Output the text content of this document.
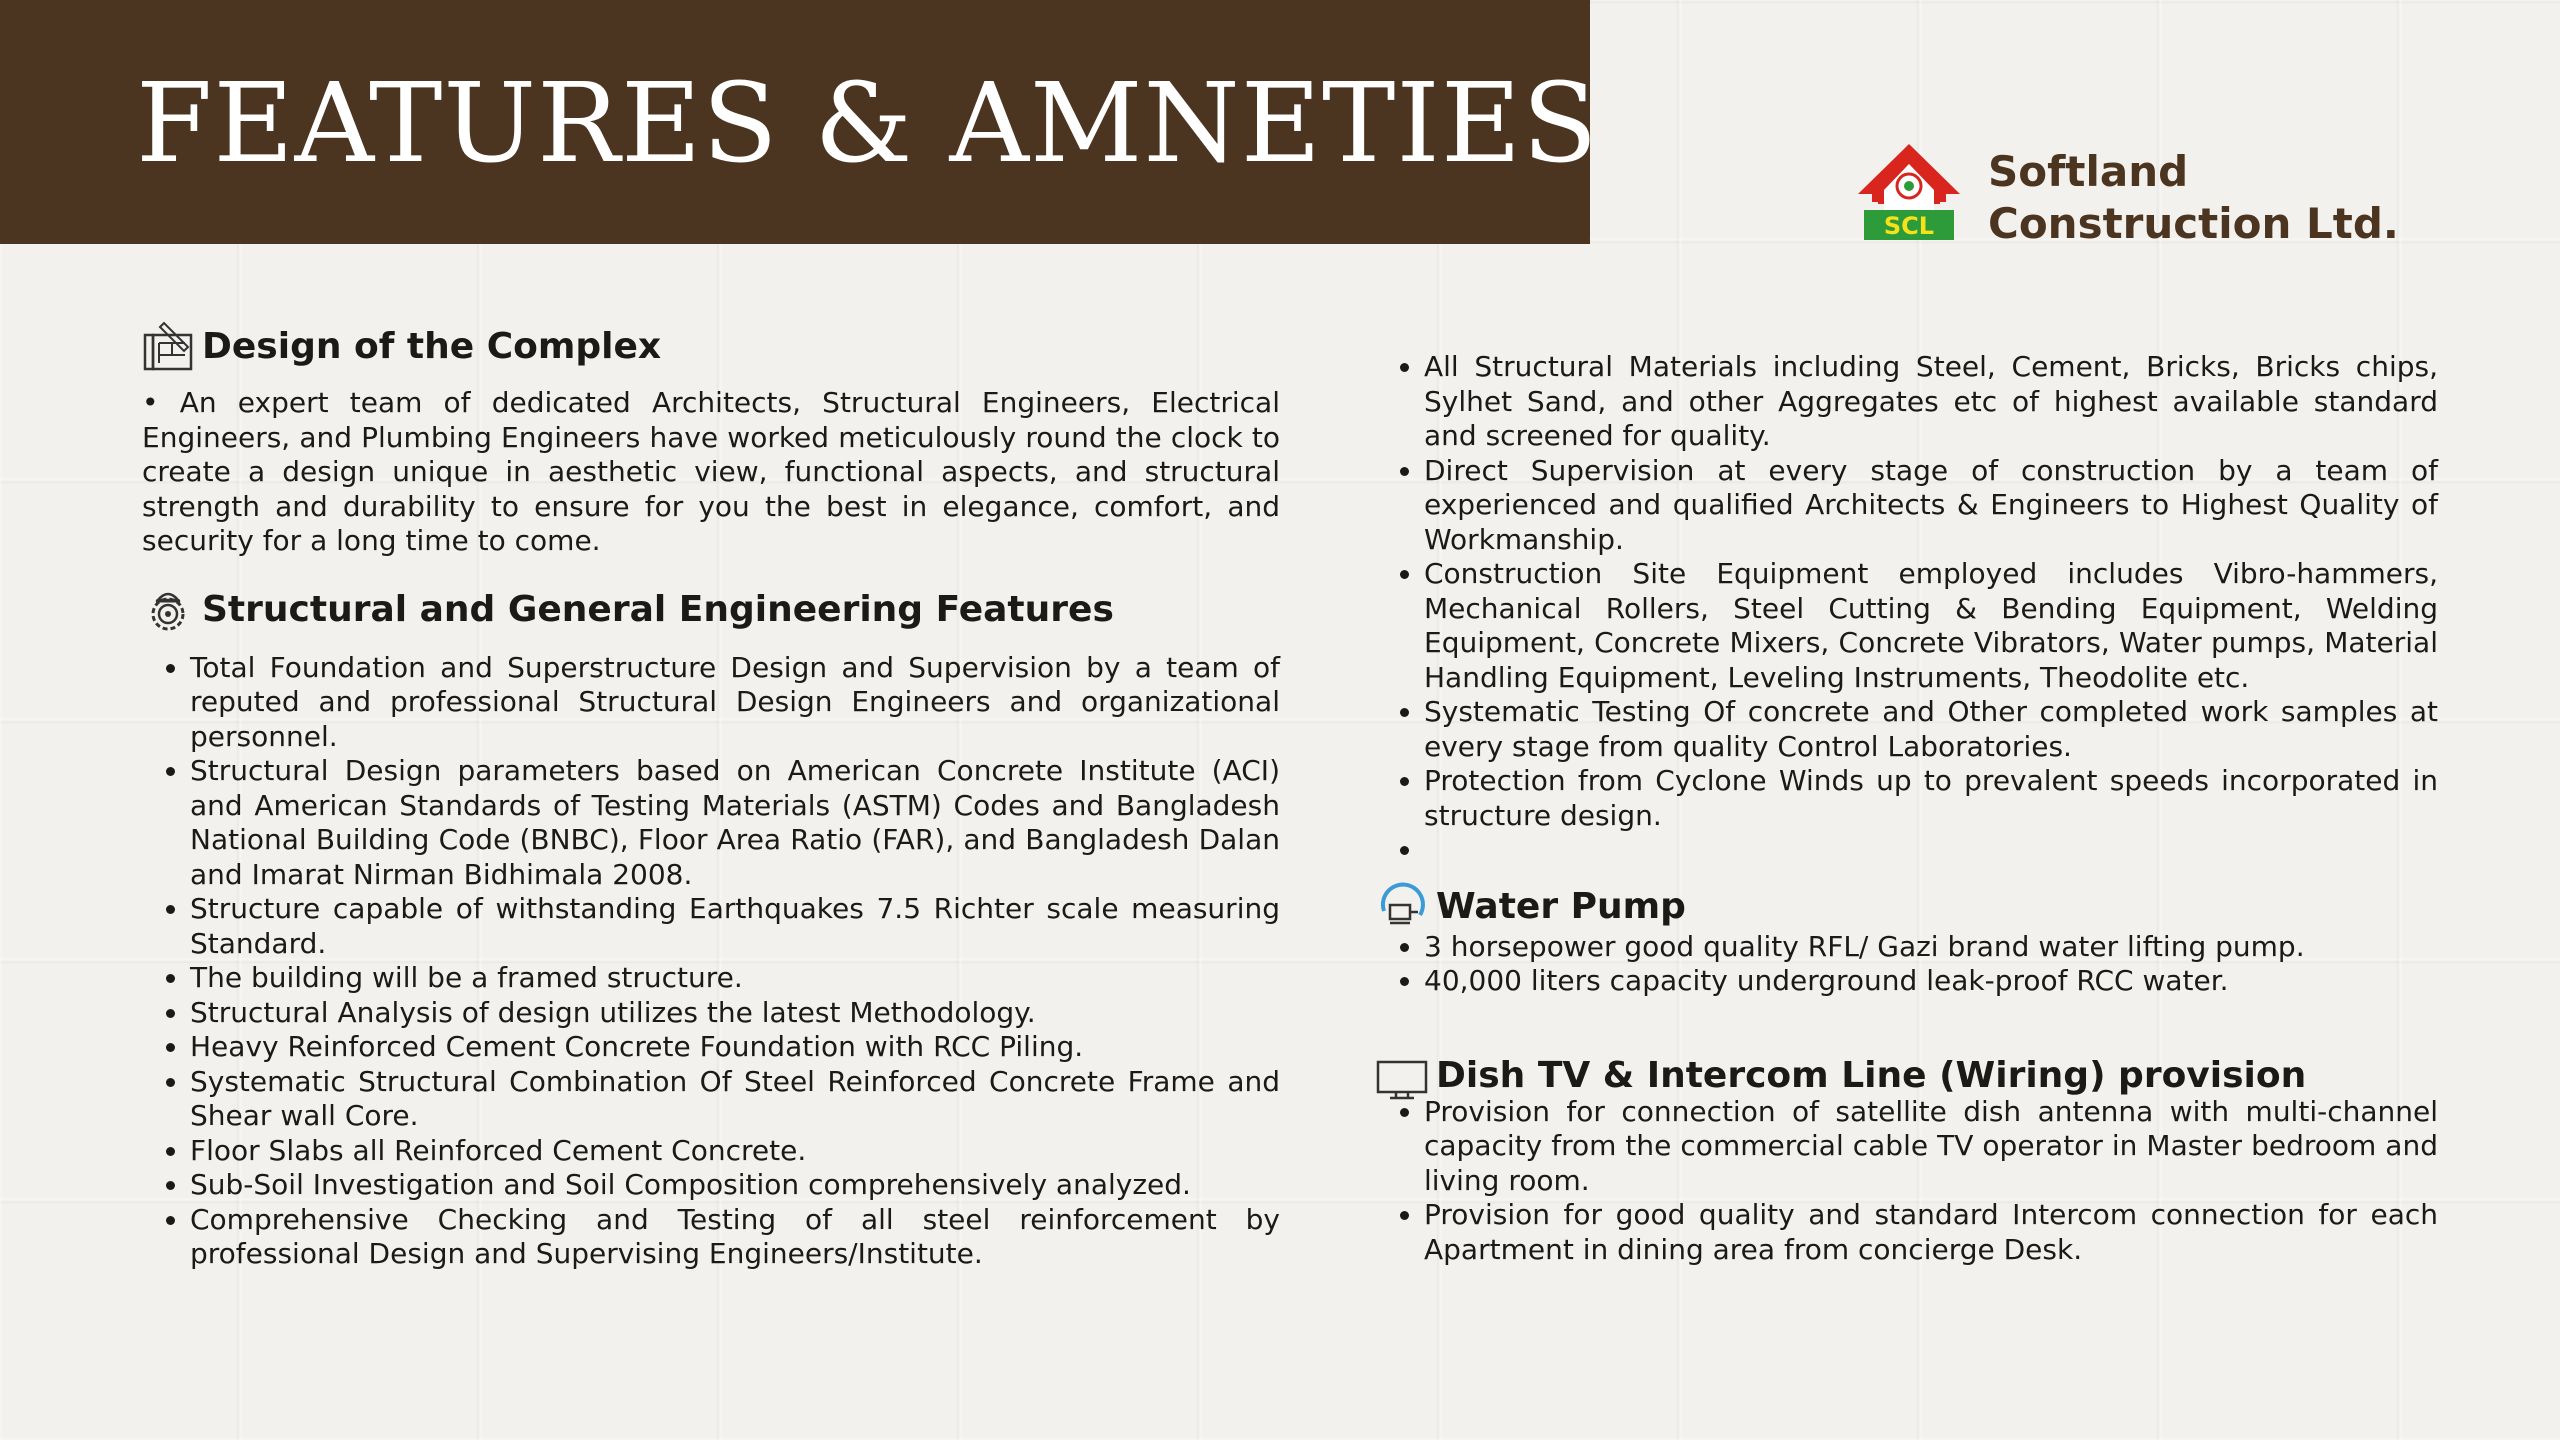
FEATURES & AMNETIES
SCL
Softland
Construction Ltd.
Design of the Complex

• An expert team of dedicated Architects, Structural Engineers, Electrical Engineers, and Plumbing Engineers have worked meticulously round the clock to create a design unique in aesthetic view, functional aspects, and structural strength and durability to ensure for you the best in elegance, comfort, and security for a long time to come.

Structural and General Engineering Features
• Total Foundation and Superstructure Design and Supervision by a team of reputed and professional Structural Design Engineers and organizational personnel.
• Structural Design parameters based on American Concrete Institute (ACI) and American Standards of Testing Materials (ASTM) Codes and Bangladesh National Building Code (BNBC), Floor Area Ratio (FAR), and Bangladesh Dalan and Imarat Nirman Bidhimala 2008.
• Structure capable of withstanding Earthquakes 7.5 Richter scale measuring Standard.
• The building will be a framed structure.
• Structural Analysis of design utilizes the latest Methodology.
• Heavy Reinforced Cement Concrete Foundation with RCC Piling.
• Systematic Structural Combination Of Steel Reinforced Concrete Frame and Shear wall Core.
• Floor Slabs all Reinforced Cement Concrete.
• Sub-Soil Investigation and Soil Composition comprehensively analyzed.
• Comprehensive Checking and Testing of all steel reinforcement by professional Design and Supervising Engineers/Institute.
• All Structural Materials including Steel, Cement, Bricks, Bricks chips, Sylhet Sand, and other Aggregates etc of highest available standard and screened for quality.
• Direct Supervision at every stage of construction by a team of experienced and qualified Architects & Engineers to Highest Quality of Workmanship.
• Construction Site Equipment employed includes Vibro-hammers, Mechanical Rollers, Steel Cutting & Bending Equipment, Welding Equipment, Concrete Mixers, Concrete Vibrators, Water pumps, Material Handling Equipment, Leveling Instruments, Theodolite etc.
• Systematic Testing Of concrete and Other completed work samples at every stage from quality Control Laboratories.
• Protection from Cyclone Winds up to prevalent speeds incorporated in structure design.
•
Water Pump
• 3 horsepower good quality RFL/ Gazi brand water lifting pump.
• 40,000 liters capacity underground leak-proof RCC water.
Dish TV & Intercom Line (Wiring) provision
• Provision for connection of satellite dish antenna with multi-channel capacity from the commercial cable TV operator in Master bedroom and living room.
• Provision for good quality and standard Intercom connection for each Apartment in dining area from concierge Desk.
